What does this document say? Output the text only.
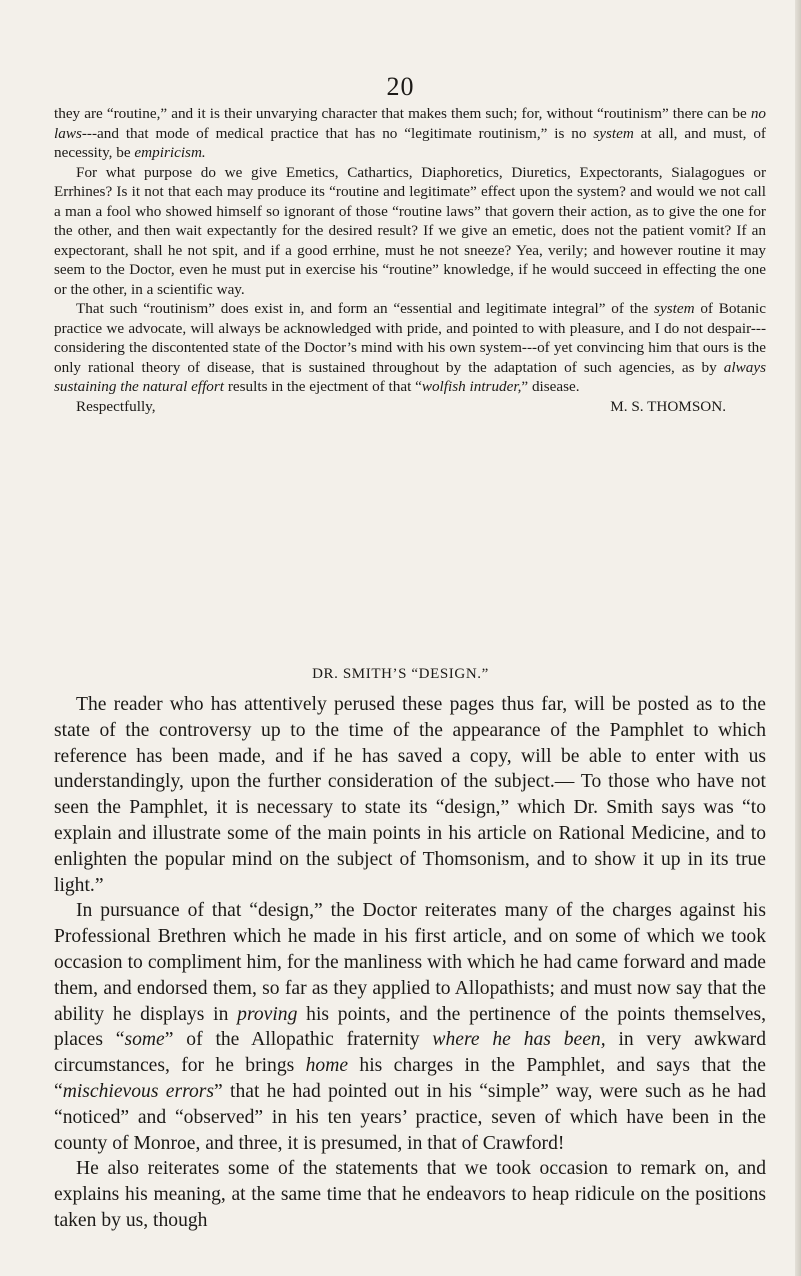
20

they are “routine,” and it is their unvarying character that makes them such; for, without “routinism” there can be no laws---and that mode of medical practice that has no “legitimate routinism,” is no system at all, and must, of necessity, be empiricism.

For what purpose do we give Emetics, Cathartics, Diaphoretics, Diuretics, Expectorants, Sialagogues or Errhines? Is it not that each may produce its “routine and legitimate” effect upon the system? and would we not call a man a fool who showed himself so ignorant of those “routine laws” that govern their action, as to give the one for the other, and then wait expectantly for the desired result? If we give an emetic, does not the patient vomit? If an expectorant, shall he not spit, and if a good errhine, must he not sneeze? Yea, verily; and however routine it may seem to the Doctor, even he must put in exercise his “routine” knowledge, if he would succeed in effecting the one or the other, in a scientific way.

That such “routinism” does exist in, and form an “essential and legitimate integral” of the system of Botanic practice we advocate, will always be acknowledged with pride, and pointed to with pleasure, and I do not despair---considering the discontented state of the Doctor’s mind with his own system---of yet convincing him that ours is the only rational theory of disease, that is sustained throughout by the adaptation of such agencies, as by always sustaining the natural effort results in the ejectment of that “wolfish intruder,” disease.

Respectfully,	M. S. THOMSON.
DR. SMITH’S “DESIGN.”

The reader who has attentively perused these pages thus far, will be posted as to the state of the controversy up to the time of the appearance of the Pamphlet to which reference has been made, and if he has saved a copy, will be able to enter with us understandingly, upon the further consideration of the subject.— To those who have not seen the Pamphlet, it is necessary to state its “design,” which Dr. Smith says was “to explain and illustrate some of the main points in his article on Rational Medicine, and to enlighten the popular mind on the subject of Thomsonism, and to show it up in its true light.”

In pursuance of that “design,” the Doctor reiterates many of the charges against his Professional Brethren which he made in his first article, and on some of which we took occasion to compliment him, for the manliness with which he had came forward and made them, and endorsed them, so far as they applied to Allopathists; and must now say that the ability he displays in proving his points, and the pertinence of the points themselves, places “some” of the Allopathic fraternity where he has been, in very awkward circumstances, for he brings home his charges in the Pamphlet, and says that the “mischievous errors” that he had pointed out in his “simple” way, were such as he had “noticed” and “observed” in his ten years’ practice, seven of which have been in the county of Monroe, and three, it is presumed, in that of Crawford!

He also reiterates some of the statements that we took occasion to remark on, and explains his meaning, at the same time that he endeavors to heap ridicule on the positions taken by us, though
